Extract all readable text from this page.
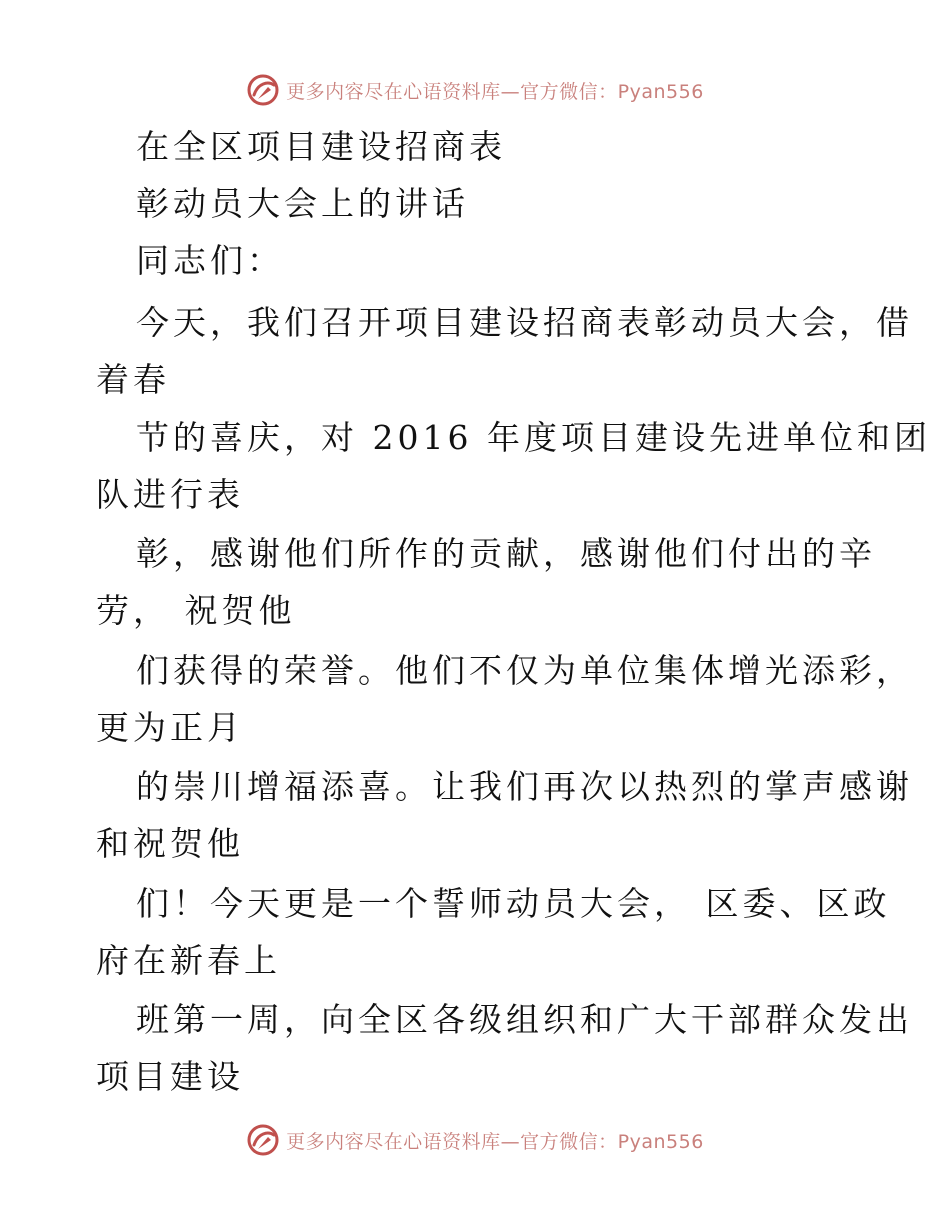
更多内容尽在心语资料库—官方微信：Pyan556
在全区项目建设招商表
彰动员大会上的讲话
同志们：
今天，我们召开项目建设招商表彰动员大会，借
着春
节的喜庆，对 2016 年度项目建设先进单位和团
队进行表
彰，感谢他们所作的贡献，感谢他们付出的辛
劳， 祝贺他
们获得的荣誉。他们不仅为单位集体增光添彩，
更为正月
的崇川增福添喜。让我们再次以热烈的掌声感谢
和祝贺他
们！今天更是一个誓师动员大会， 区委、区政
府在新春上
班第一周，向全区各级组织和广大干部群众发出
项目建设
更多内容尽在心语资料库—官方微信：Pyan556
